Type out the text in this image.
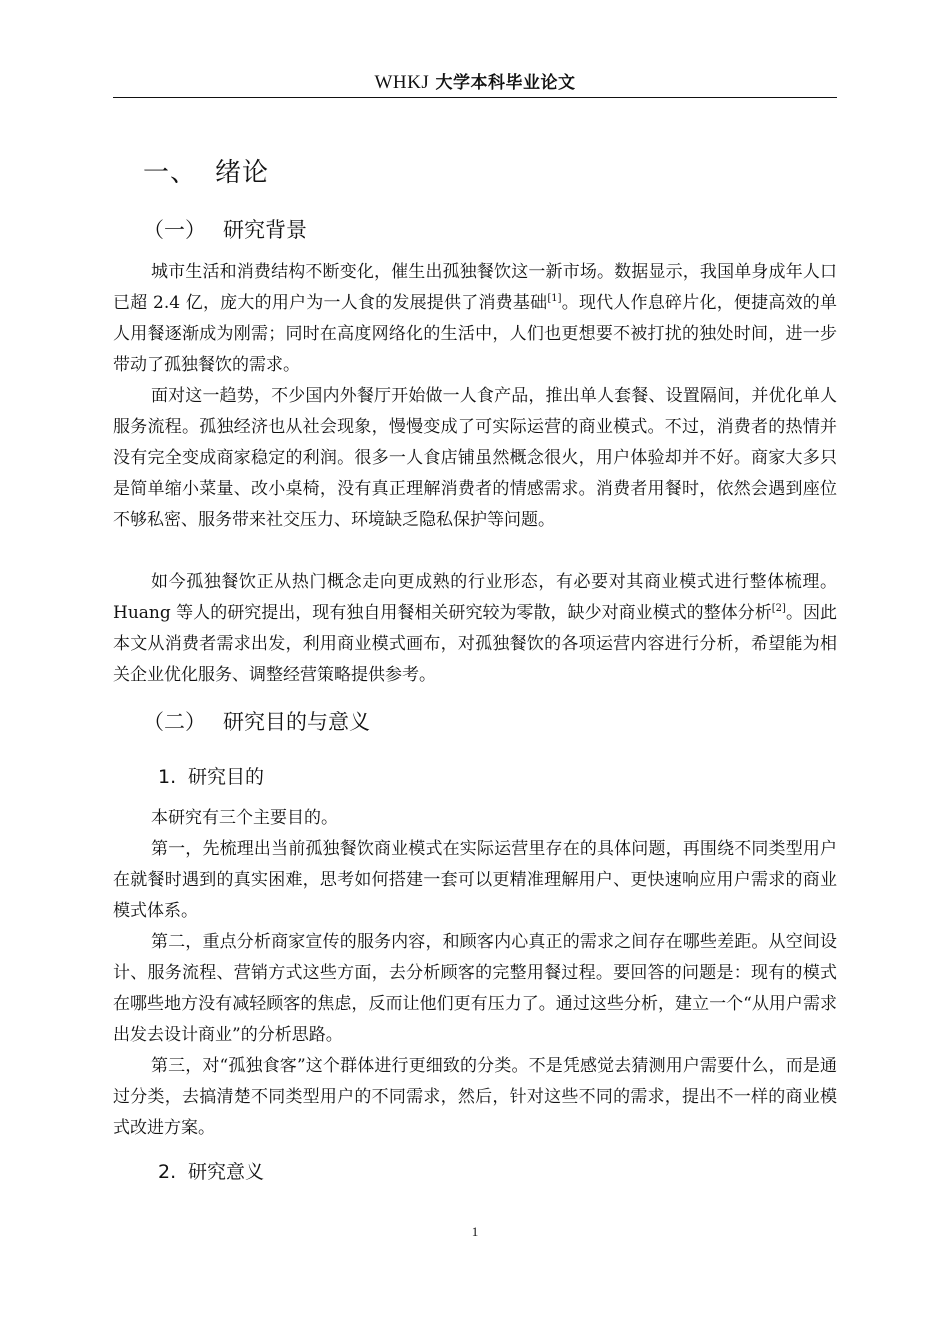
WHKJ 大学本科毕业论文
一、 绪论
（一） 研究背景

城市生活和消费结构不断变化，催生出孤独餐饮这一新市场。数据显示，我国单身成年人口已超 2.4 亿，庞大的用户为一人食的发展提供了消费基础[1]。现代人作息碎片化，便捷高效的单人用餐逐渐成为刚需；同时在高度网络化的生活中，人们也更想要不被打扰的独处时间，进一步带动了孤独餐饮的需求。

面对这一趋势，不少国内外餐厅开始做一人食产品，推出单人套餐、设置隔间，并优化单人服务流程。孤独经济也从社会现象，慢慢变成了可实际运营的商业模式。不过，消费者的热情并没有完全变成商家稳定的利润。很多一人食店铺虽然概念很火，用户体验却并不好。商家大多只是简单缩小菜量、改小桌椅，没有真正理解消费者的情感需求。消费者用餐时，依然会遇到座位不够私密、服务带来社交压力、环境缺乏隐私保护等问题。

如今孤独餐饮正从热门概念走向更成熟的行业形态，有必要对其商业模式进行整体梳理。Huang 等人的研究提出，现有独自用餐相关研究较为零散，缺少对商业模式的整体分析[2]。因此本文从消费者需求出发，利用商业模式画布，对孤独餐饮的各项运营内容进行分析，希望能为相关企业优化服务、调整经营策略提供参考。

（二） 研究目的与意义
1. 研究目的

本研究有三个主要目的。

第一，先梳理出当前孤独餐饮商业模式在实际运营里存在的具体问题，再围绕不同类型用户在就餐时遇到的真实困难，思考如何搭建一套可以更精准理解用户、更快速响应用户需求的商业模式体系。

第二，重点分析商家宣传的服务内容，和顾客内心真正的需求之间存在哪些差距。从空间设计、服务流程、营销方式这些方面，去分析顾客的完整用餐过程。要回答的问题是：现有的模式在哪些地方没有减轻顾客的焦虑，反而让他们更有压力了。通过这些分析，建立一个“从用户需求出发去设计商业”的分析思路。

第三，对“孤独食客”这个群体进行更细致的分类。不是凭感觉去猜测用户需要什么，而是通过分类，去搞清楚不同类型用户的不同需求，然后，针对这些不同的需求，提出不一样的商业模式改进方案。

2. 研究意义
1
